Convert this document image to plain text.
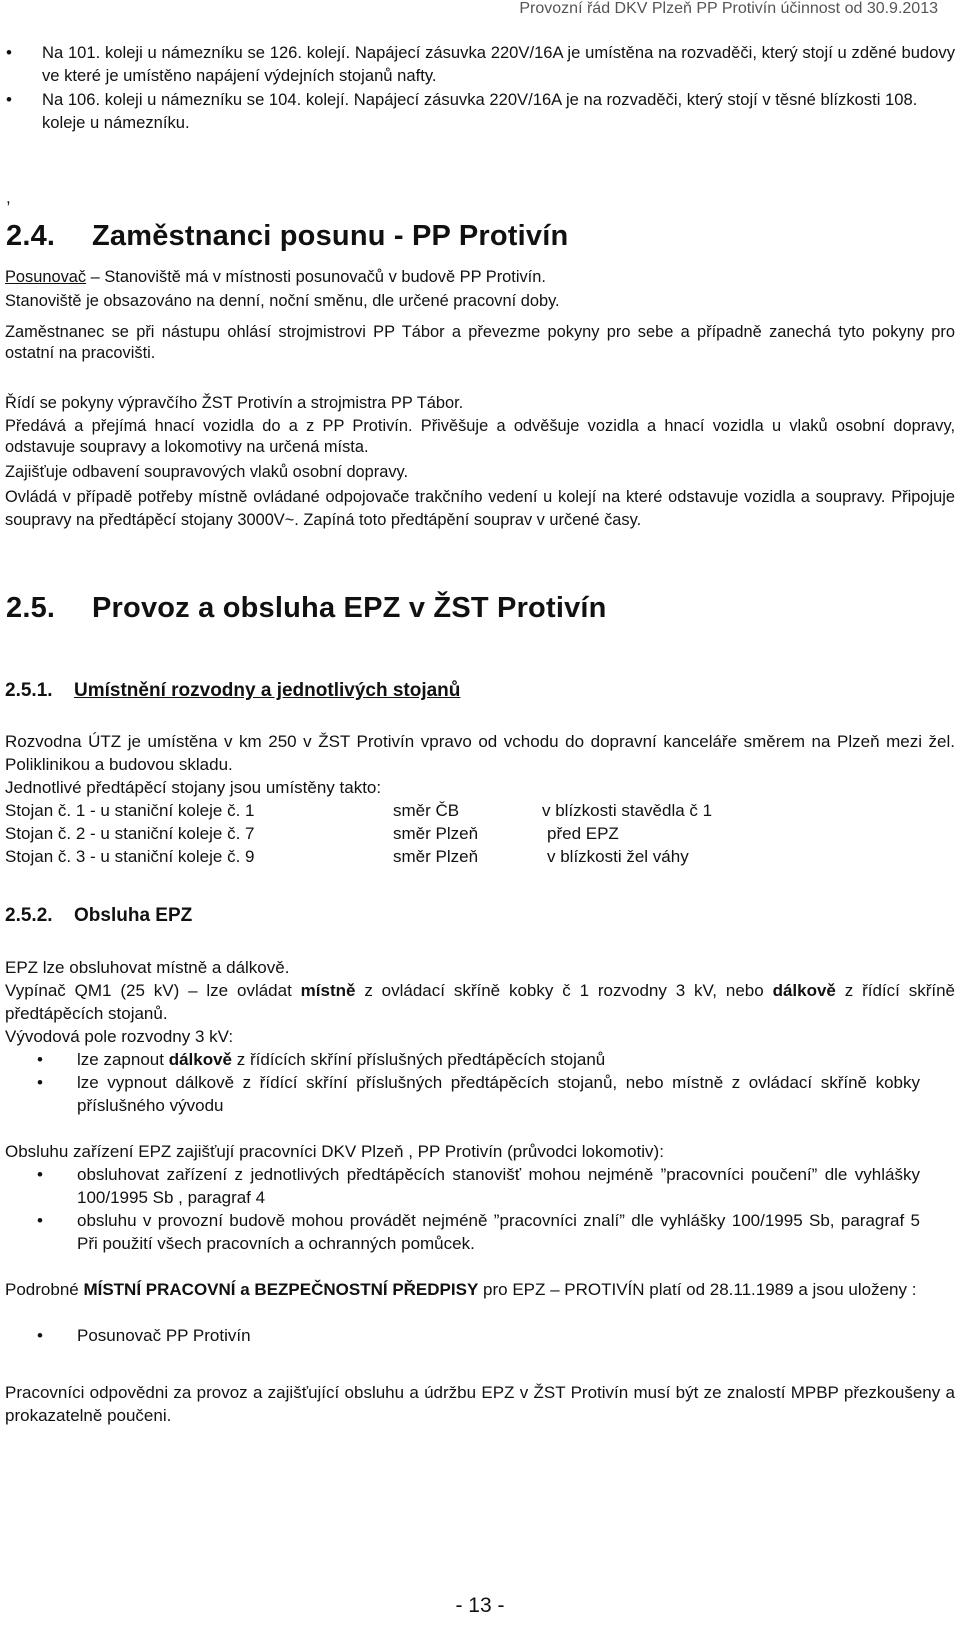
Provozní řád DKV Plzeň PP Protivín účinnost od 30.9.2013
• Na 101. koleji u námezníku se 126. kolejí. Napájecí zásuvka 220V/16A je umístěna na rozvaděči, který stojí u zděné budovy ve které je umístěno napájení výdejních stojanů nafty.
• Na 106. koleji u námezníku se 104. kolejí. Napájecí zásuvka 220V/16A je na rozvaděči, který stojí v těsné blízkosti 108. koleje u námezníku.
,
2.4. Zaměstnanci posunu - PP Protivín
Posunovač – Stanoviště má v místnosti posunovačů v budově PP Protivín.
Stanoviště je obsazováno na denní, noční směnu, dle určené pracovní doby.
Zaměstnanec se při nástupu ohlásí strojmistrovi PP Tábor a převezme pokyny pro sebe a případně zanechá tyto pokyny pro ostatní na pracovišti.
Řídí se pokyny výpravčího ŽST Protivín a strojmistra PP Tábor.
Předává a přejímá hnací vozidla do a z PP Protivín. Přivěšuje a odvěšuje vozidla a hnací vozidla u vlaků osobní dopravy, odstavuje soupravy a lokomotivy na určená místa.
Zajišťuje odbavení soupravových vlaků osobní dopravy.
Ovládá v případě potřeby místně ovládané odpojovače trakčního vedení u kolejí na které odstavuje vozidla a soupravy. Připojuje soupravy na předtápěcí stojany 3000V~. Zapíná toto předtápění souprav v určené časy.
2.5. Provoz a obsluha EPZ v ŽST Protivín
2.5.1. Umístnění rozvodny a jednotlivých stojanů
Rozvodna ÚTZ je umístěna v km 250 v ŽST Protivín vpravo od vchodu do dopravní kanceláře směrem na Plzeň mezi žel. Poliklinikou a budovou skladu.
Jednotlivé předtápěcí stojany jsou umístěny takto:
Stojan č. 1 - u staniční koleje č. 1	směr ČB	v blízkosti stavědla č 1
Stojan č. 2 - u staniční koleje č. 7	směr Plzeň	před EPZ
Stojan č. 3 - u staniční koleje č. 9	směr Plzeň	v blízkosti žel váhy
2.5.2. Obsluha EPZ
EPZ lze obsluhovat místně a dálkově.
Vypínač QM1 (25 kV) – lze ovládat místně z ovládací skříně kobky č 1 rozvodny 3 kV, nebo dálkově z řídící skříně předtápěcích stojanů.
Vývodová pole rozvodny 3 kV:
• lze zapnout dálkově z řídících skříní příslušných předtápěcích stojanů
• lze vypnout dálkově z řídící skříní příslušných předtápěcích stojanů, nebo místně z ovládací skříně kobky příslušného vývodu
Obsluhu zařízení EPZ zajišťují pracovníci DKV Plzeň , PP Protivín (průvodci lokomotiv):
• obsluhovat zařízení z jednotlivých předtápěcích stanovišť mohou nejméně ”pracovníci poučení” dle vyhlášky 100/1995 Sb , paragraf 4
• obsluhu v provozní budově mohou provádět nejméně ”pracovníci znalí” dle vyhlášky 100/1995 Sb, paragraf 5 Při použití všech pracovních a ochranných pomůcek.
Podrobné MÍSTNÍ PRACOVNÍ a BEZPEČNOSTNÍ PŘEDPISY pro EPZ – PROTIVÍN platí od 28.11.1989 a jsou uloženy :
• Posunovač PP Protivín
Pracovníci odpovědni za provoz a zajišťující obsluhu a údržbu EPZ v ŽST Protivín musí být ze znalostí MPBP přezkoušeny a prokazatelně poučeni.
- 13 -
